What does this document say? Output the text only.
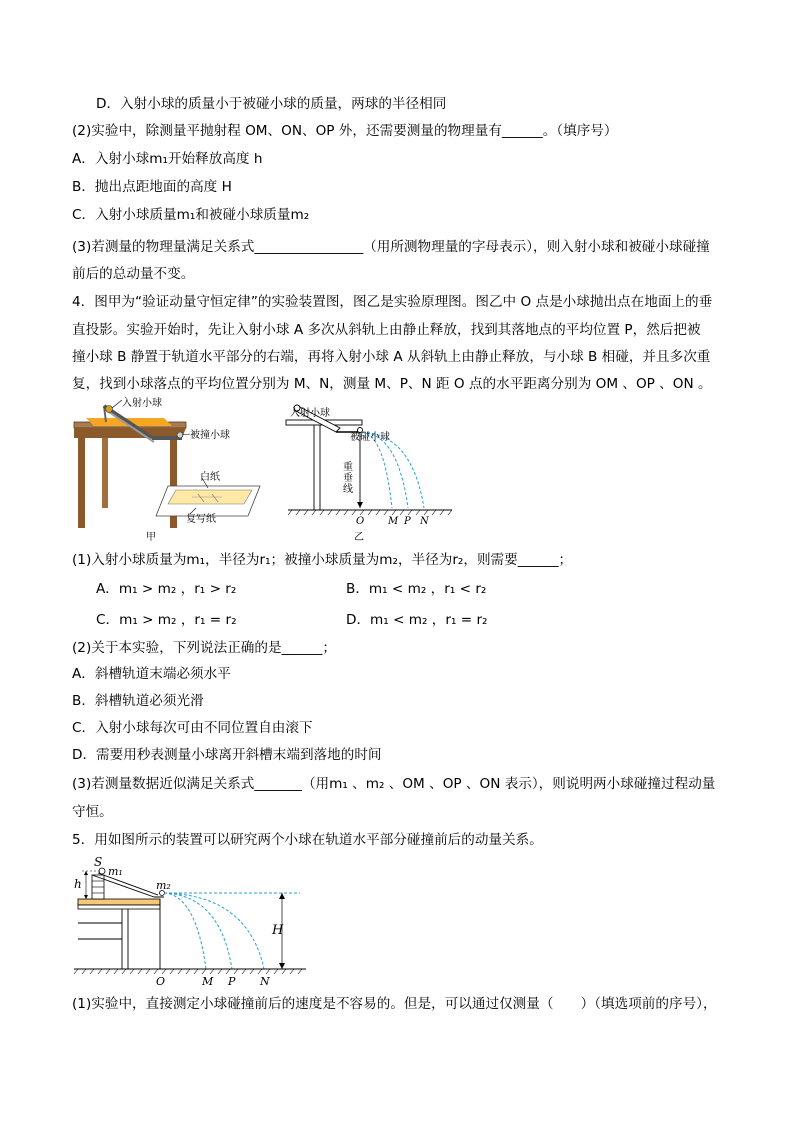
D．入射小球的质量小于被碰小球的质量，两球的半径相同
(2)实验中，除测量平抛射程 OM、ON、OP 外，还需要测量的物理量有______。（填序号）
A．入射小球m₁开始释放高度 h
B．抛出点距地面的高度 H
C．入射小球质量m₁和被碰小球质量m₂
(3)若测量的物理量满足关系式________________（用所测物理量的字母表示），则入射小球和被碰小球碰撞
前后的总动量不变。
4．图甲为“验证动量守恒定律”的实验装置图，图乙是实验原理图。图乙中 O 点是小球抛出点在地面上的垂
直投影。实验开始时，先让入射小球 A 多次从斜轨上由静止释放，找到其落地点的平均位置 P，然后把被
撞小球 B 静置于轨道水平部分的右端，再将入射小球 A 从斜轨上由静止释放，与小球 B 相碰，并且多次重
复，找到小球落点的平均位置分别为 M、N，测量 M、P、N 距 O 点的水平距离分别为 OM 、OP 、ON 。
入射小球
被撞小球
白纸
复写纸
甲
入射小球
被碰小球
重垂线
O M P N
乙
(1)入射小球质量为m₁，半径为r₁；被撞小球质量为m₂，半径为r₂，则需要______；
A．m₁ > m₂ ，r₁ > r₂	B．m₁ < m₂ ，r₁ < r₂
C．m₁ > m₂ ，r₁ = r₂	D．m₁ < m₂ ，r₁ = r₂
(2)关于本实验，下列说法正确的是______；
A．斜槽轨道末端必须水平
B．斜槽轨道必须光滑
C．入射小球每次可由不同位置自由滚下
D．需要用秒表测量小球离开斜槽末端到落地的时间
(3)若测量数据近似满足关系式_______（用m₁ 、m₂ 、OM 、OP 、ON 表示），则说明两小球碰撞过程动量
守恒。
5．用如图所示的装置可以研究两个小球在轨道水平部分碰撞前后的动量关系。
S
m₁
m₂
h
H
O	M P N
(1)实验中，直接测定小球碰撞前后的速度是不容易的。但是，可以通过仅测量（　　）（填选项前的序号），
